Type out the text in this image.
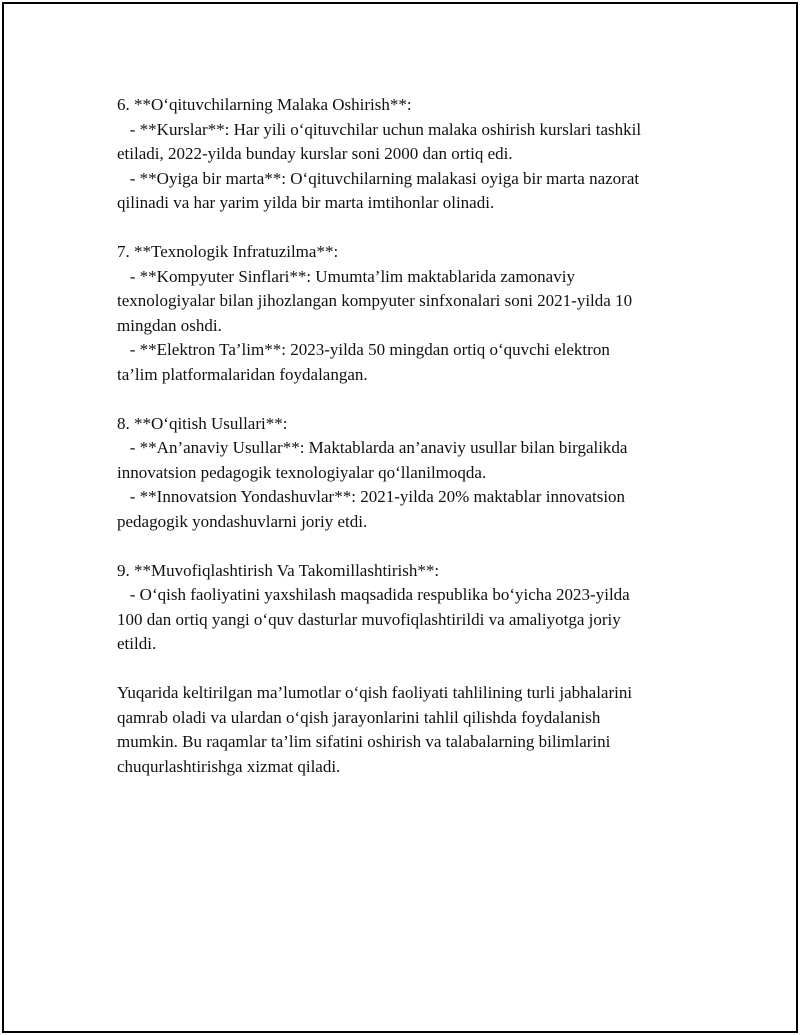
6. **O‘qituvchilarning Malaka Oshirish**:
- **Kurslar**: Har yili o‘qituvchilar uchun malaka oshirish kurslari tashkil
etiladi, 2022-yilda bunday kurslar soni 2000 dan ortiq edi.
- **Oyiga bir marta**: O‘qituvchilarning malakasi oyiga bir marta nazorat
qilinadi va har yarim yilda bir marta imtihonlar olinadi.
7. **Texnologik Infratuzilma**:
- **Kompyuter Sinflari**: Umumta’lim maktablarida zamonaviy
texnologiyalar bilan jihozlangan kompyuter sinfxonalari soni 2021-yilda 10
mingdan oshdi.
- **Elektron Ta’lim**: 2023-yilda 50 mingdan ortiq o‘quvchi elektron
ta’lim platformalaridan foydalangan.
8. **O‘qitish Usullari**:
- **An’anaviy Usullar**: Maktablarda an’anaviy usullar bilan birgalikda
innovatsion pedagogik texnologiyalar qo‘llanilmoqda.
- **Innovatsion Yondashuvlar**: 2021-yilda 20% maktablar innovatsion
pedagogik yondashuvlarni joriy etdi.
9. **Muvofiqlashtirish Va Takomillashtirish**:
- O‘qish faoliyatini yaxshilash maqsadida respublika bo‘yicha 2023-yilda
100 dan ortiq yangi o‘quv dasturlar muvofiqlashtirildi va amaliyotga joriy
etildi.
Yuqarida keltirilgan ma’lumotlar o‘qish faoliyati tahlilining turli jabhalarini
qamrab oladi va ulardan o‘qish jarayonlarini tahlil qilishda foydalanish
mumkin. Bu raqamlar ta’lim sifatini oshirish va talabalarning bilimlarini
chuqurlashtirishga xizmat qiladi.
